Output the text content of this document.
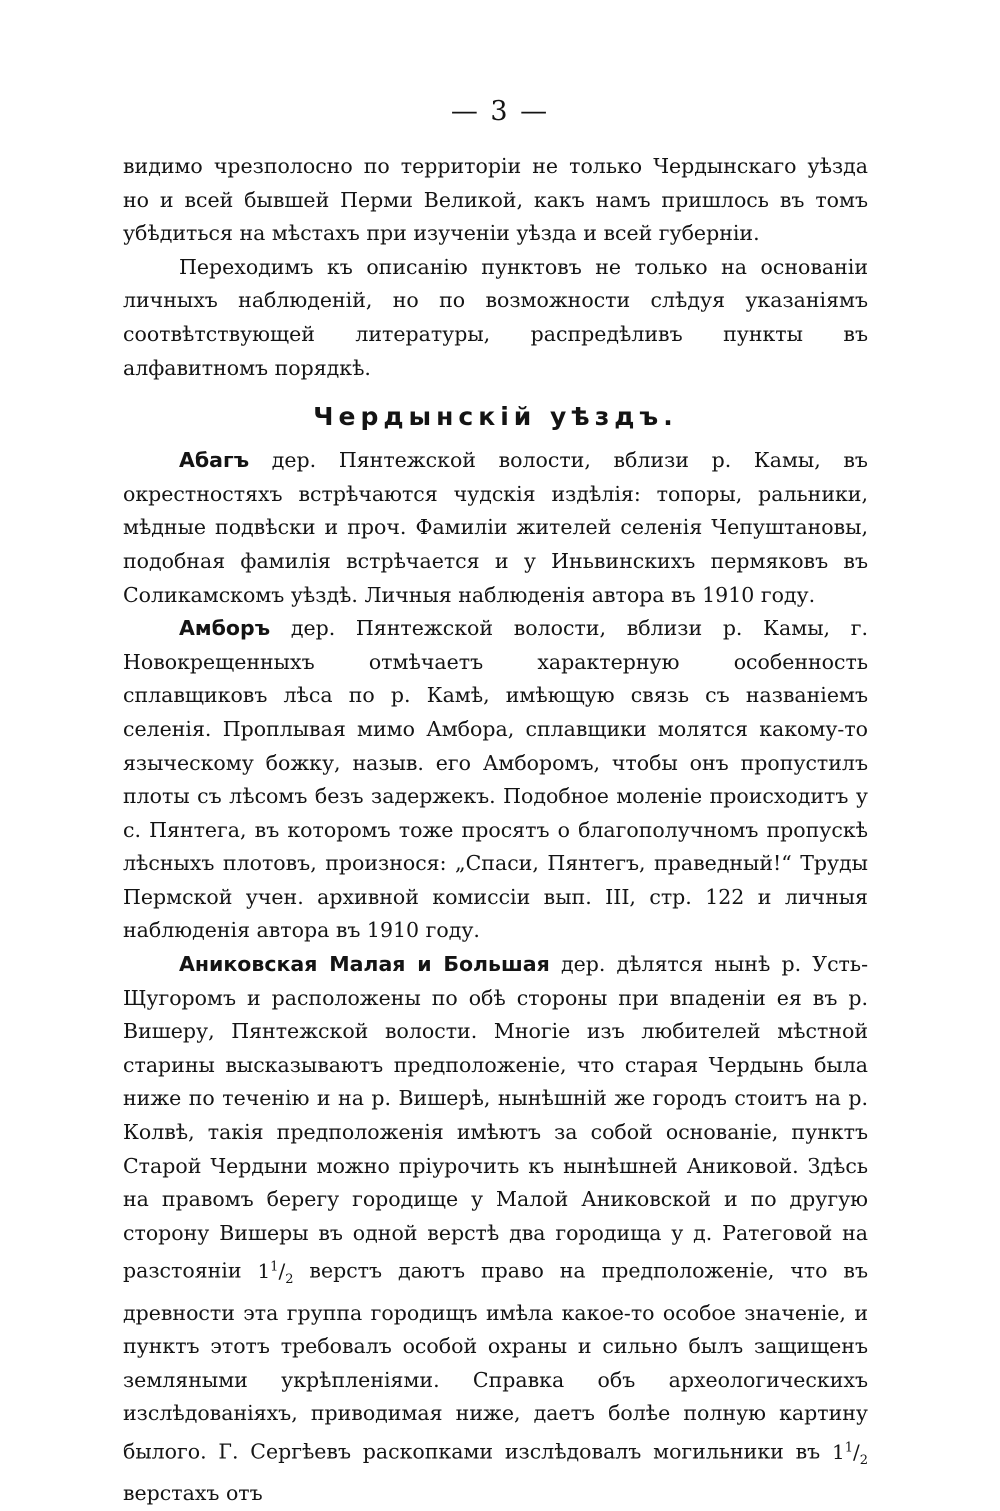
— 3 —

видимо чрезполосно по территоріи не только Чердынскаго уѣзда но и всей бывшей Перми Великой, какъ намъ пришлось въ томъ убѣдиться на мѣстахъ при изученіи уѣзда и всей губерніи.

Переходимъ къ описанію пунктовъ не только на основаніи личныхъ наблюденій, но по возможности слѣдуя указаніямъ соотвѣтствующей литературы, распредѣливъ пункты въ алфавитномъ порядкѣ.

Чердынскій уѣздъ.

Абагъ дер. Пянтежской волости, вблизи р. Камы, въ окрестностяхъ встрѣчаются чудскія издѣлія: топоры, ральники, мѣдные подвѣски и проч. Фамиліи жителей селенія Чепуштановы, подобная фамилія встрѣчается и у Иньвинскихъ пермяковъ въ Соликамскомъ уѣздѣ. Личныя наблюденія автора въ 1910 году.

Амборъ дер. Пянтежской волости, вблизи р. Камы, г. Новокрещенныхъ отмѣчаетъ характерную особенность сплавщиковъ лѣса по р. Камѣ, имѣющую связь съ названіемъ селенія. Проплывая мимо Амбора, сплавщики молятся какому-то языческому божку, назыв. его Амборомъ, чтобы онъ пропустилъ плоты съ лѣсомъ безъ задержекъ. Подобное моленіе происходитъ у с. Пянтега, въ которомъ тоже просятъ о благополучномъ пропускѣ лѣсныхъ плотовъ, произнося: „Спаси, Пянтегъ, праведный!“ Труды Пермской учен. архивной комиссіи вып. III, стр. 122 и личныя наблюденія автора въ 1910 году.

Аниковская Малая и Большая дер. дѣлятся нынѣ р. Усть-Щугоромъ и расположены по обѣ стороны при впаденіи ея въ р. Вишеру, Пянтежской волости. Многіе изъ любителей мѣстной старины высказываютъ предположеніе, что старая Чердынь была ниже по теченію и на р. Вишерѣ, нынѣшній же городъ стоитъ на р. Колвѣ, такія предположенія имѣютъ за собой основаніе, пунктъ Старой Чердыни можно пріурочить къ нынѣшней Аниковой. Здѣсь на правомъ берегу городище у Малой Аниковской и по другую сторону Вишеры въ одной верстѣ два городища у д. Ратеговой на разстояніи $1^1/_2$ верстъ даютъ право на предположеніе, что въ древности эта группа городищъ имѣла какое-то особое значеніе, и пунктъ этотъ требовалъ особой охраны и сильно былъ защищенъ земляными укрѣпленіями. Справка объ археологическихъ изслѣдованіяхъ, приводимая ниже, даетъ болѣе полную картину былого. Г. Сергѣевъ раскопками изслѣдовалъ могильники въ $1^1/_2$ верстахъ отъ
